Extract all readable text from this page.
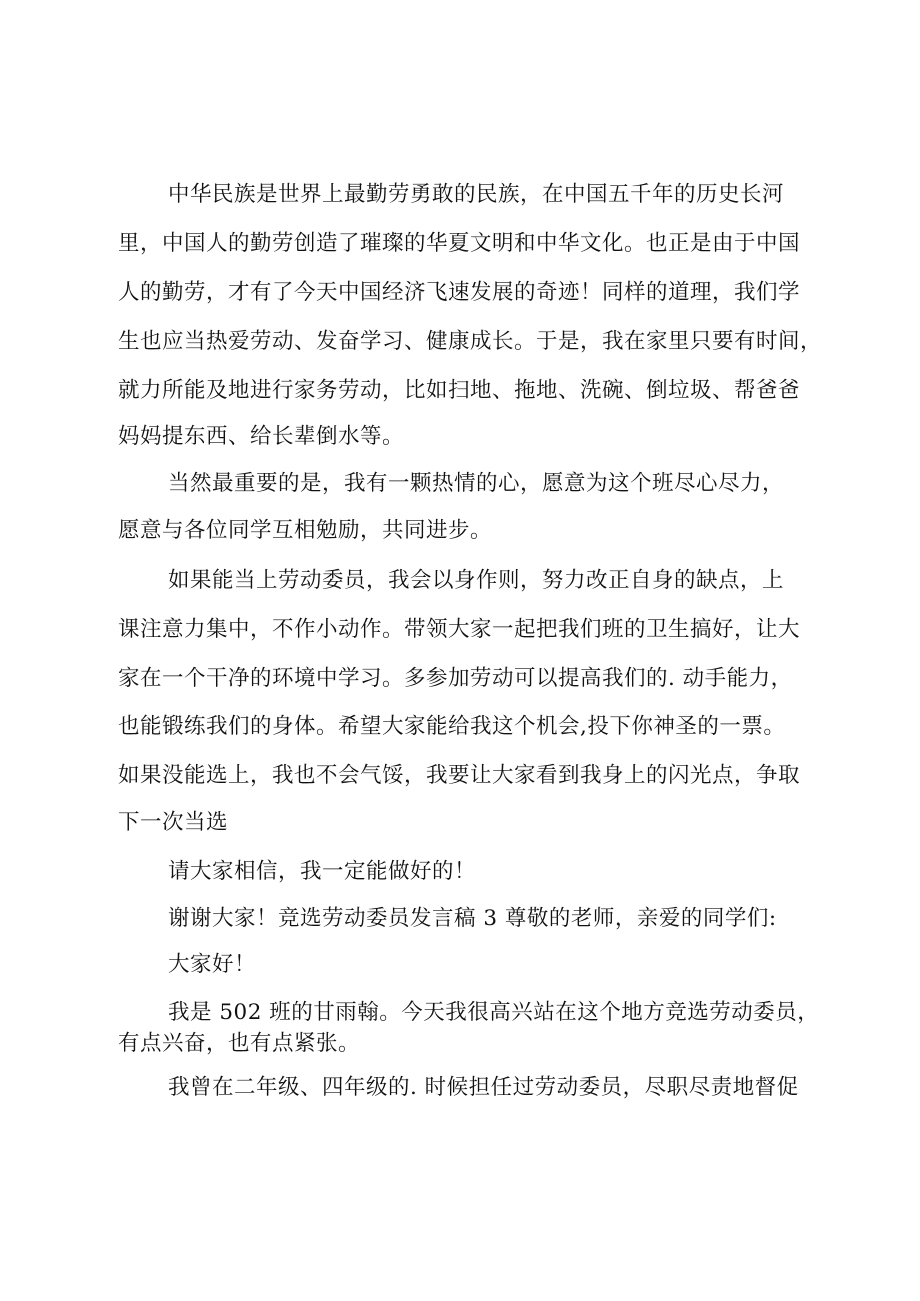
中华民族是世界上最勤劳勇敢的民族，在中国五千年的历史长河
里，中国人的勤劳创造了璀璨的华夏文明和中华文化。也正是由于中国
人的勤劳，才有了今天中国经济飞速发展的奇迹！同样的道理，我们学
生也应当热爱劳动、发奋学习、健康成长。于是，我在家里只要有时间，
就力所能及地进行家务劳动，比如扫地、拖地、洗碗、倒垃圾、帮爸爸
妈妈提东西、给长辈倒水等。
当然最重要的是，我有一颗热情的心，愿意为这个班尽心尽力，
愿意与各位同学互相勉励，共同进步。
如果能当上劳动委员，我会以身作则，努力改正自身的缺点，上
课注意力集中，不作小动作。带领大家一起把我们班的卫生搞好，让大
家在一个干净的环境中学习。多参加劳动可以提高我们的. 动手能力，
也能锻练我们的身体。希望大家能给我这个机会,投下你神圣的一票。
如果没能选上，我也不会气馁，我要让大家看到我身上的闪光点，争取
下一次当选
请大家相信，我一定能做好的！
谢谢大家！竞选劳动委员发言稿 3 尊敬的老师，亲爱的同学们:
大家好！
我是 502 班的甘雨翰。今天我很高兴站在这个地方竞选劳动委员，
有点兴奋，也有点紧张。
我曾在二年级、四年级的. 时候担任过劳动委员，尽职尽责地督促
